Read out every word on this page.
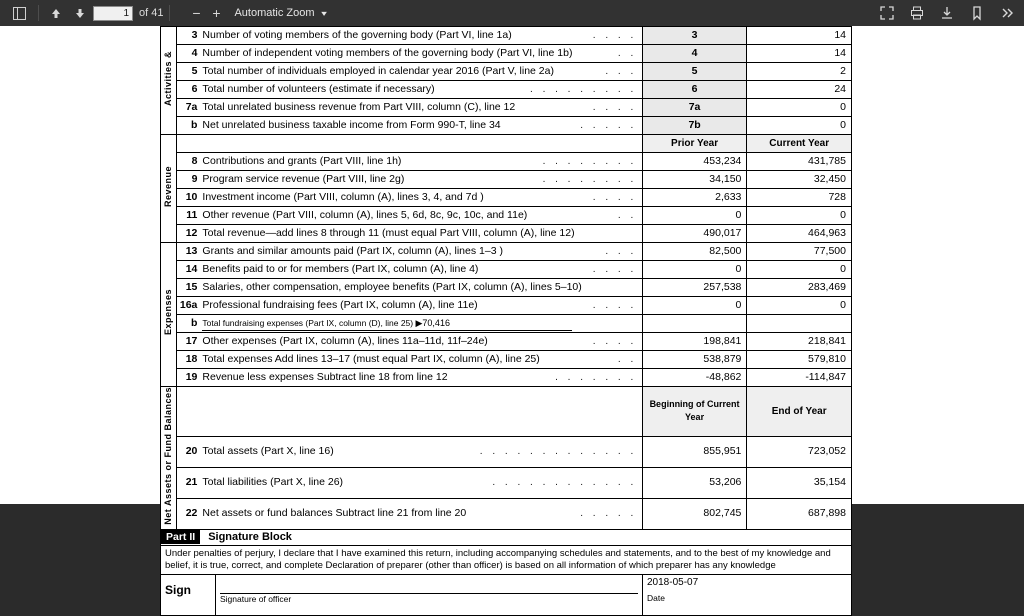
1
of 41	− +	Automatic Zoom ▾
Activities &	3	Number of voting members of the governing body (Part VI, line 1a) . . . .	3	14
	4	Number of independent voting members of the governing body (Part VI, line 1b) . .	4	14
	5	Total number of individuals employed in calendar year 2016 (Part V, line 2a) . . .	5	2
	6	Total number of volunteers (estimate if necessary) . . . . . . . . .	6	24
	7a	Total unrelated business revenue from Part VIII, column (C), line 12 . . . .	7a	0
	b	Net unrelated business taxable income from Form 990-T, line 34 . . . . .	7b	0
Revenue			Prior Year	Current Year
	8	Contributions and grants (Part VIII, line 1h) . . . . . . . .	453,234	431,785
	9	Program service revenue (Part VIII, line 2g) . . . . . . . .	34,150	32,450
	10	Investment income (Part VIII, column (A), lines 3, 4, and 7d ) . . . .	2,633	728
	11	Other revenue (Part VIII, column (A), lines 5, 6d, 8c, 9c, 10c, and 11e) . .	0	0
	12	Total revenue—add lines 8 through 11 (must equal Part VIII, column (A), line 12)	490,017	464,963
Expenses	13	Grants and similar amounts paid (Part IX, column (A), lines 1–3 ) . . .	82,500	77,500
	14	Benefits paid to or for members (Part IX, column (A), line 4) . . . .	0	0
	15	Salaries, other compensation, employee benefits (Part IX, column (A), lines 5–10)	257,538	283,469
	16a	Professional fundraising fees (Part IX, column (A), line 11e) . . . .	0	0
	b	Total fundraising expenses (Part IX, column (D), line 25) ▶70,416		
	17	Other expenses (Part IX, column (A), lines 11a–11d, 11f–24e) . . . .	198,841	218,841
	18	Total expenses Add lines 13–17 (must equal Part IX, column (A), line 25) . .	538,879	579,810
	19	Revenue less expenses Subtract line 18 from line 12 . . . . . . .	-48,862	-114,847
Net Assets or Fund Balances			Beginning of Current Year	End of Year
	20	Total assets (Part X, line 16) . . . . . . . . . . . . .	855,951	723,052
	21	Total liabilities (Part X, line 26) . . . . . . . . . . . .	53,206	35,154
	22	Net assets or fund balances Subtract line 21 from line 20 . . . . .	802,745	687,898
Part II	Signature Block
Under penalties of perjury, I declare that I have examined this return, including accompanying schedules and statements, and to the best of my knowledge and belief, it is true, correct, and complete Declaration of preparer (other than officer) is based on all information of which preparer has any knowledge
Sign
Signature of officer
2018-05-07
Date
